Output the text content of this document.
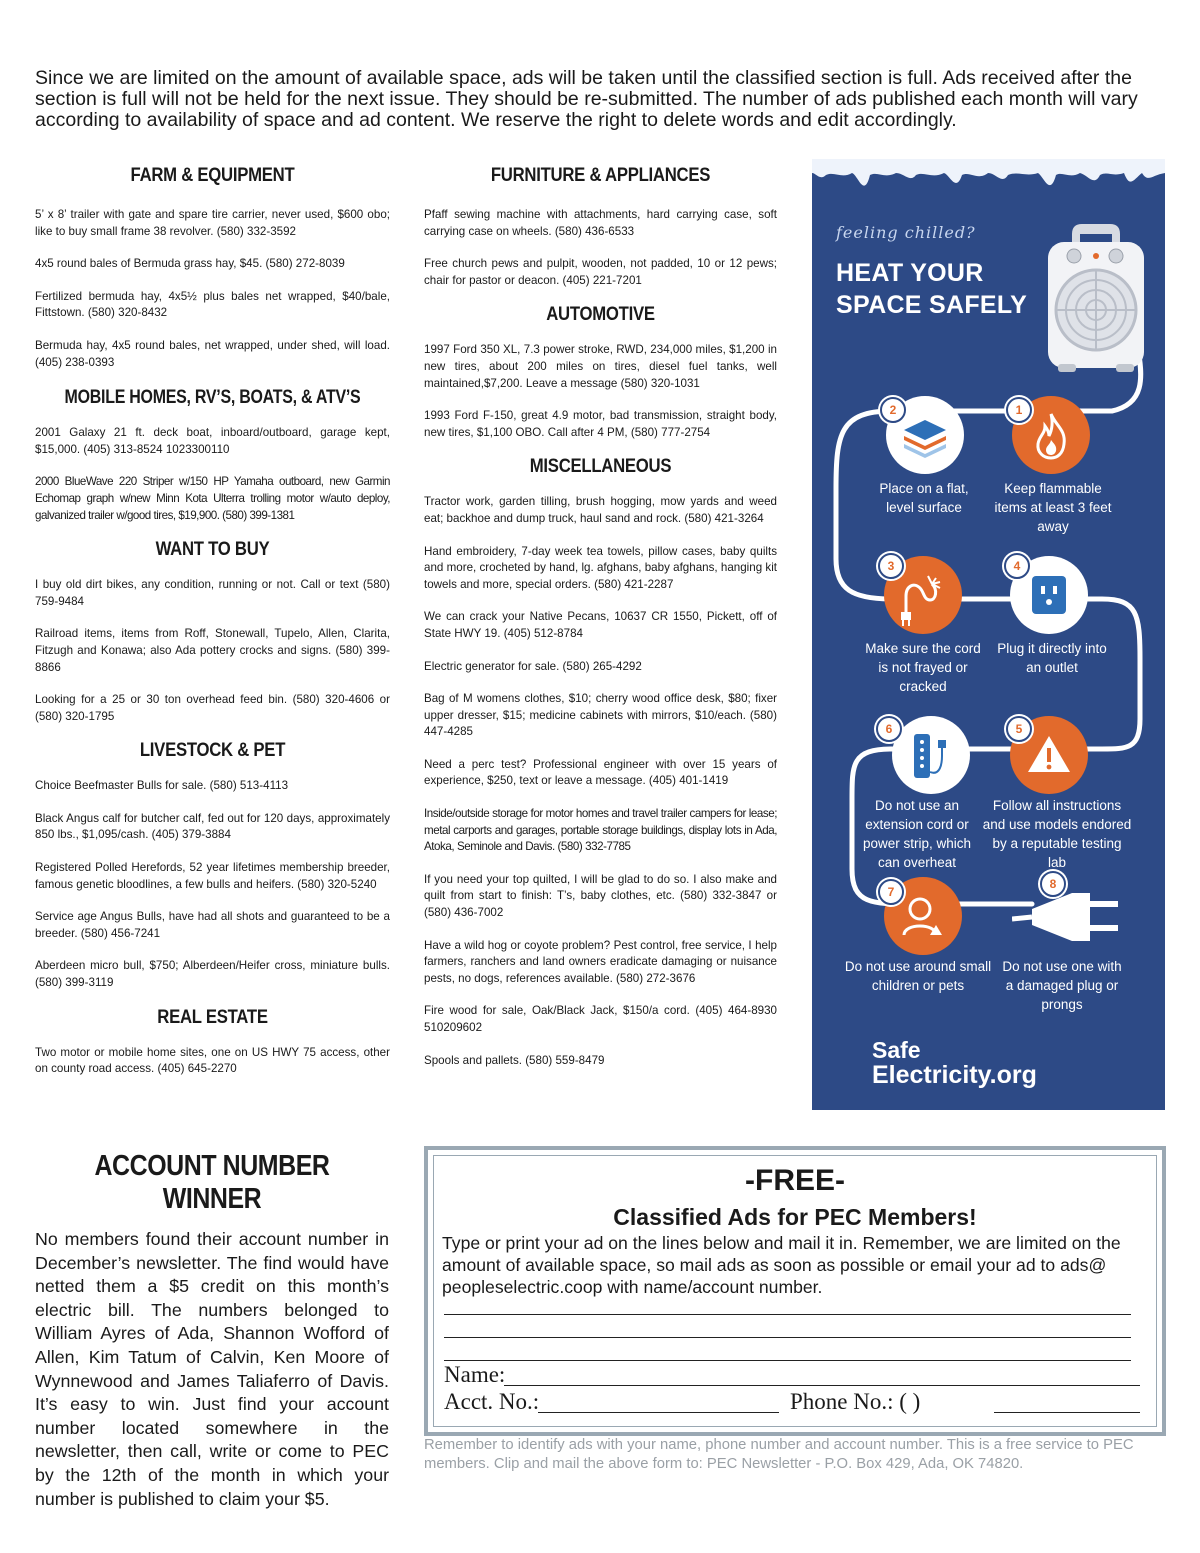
Since we are limited on the amount of available space, ads will be taken until the classified section is full. Ads received after the section is full will not be held for the next issue. They should be re-submitted. The number of ads published each month will vary according to availability of space and ad content. We reserve the right to delete words and edit accordingly.
FARM & EQUIPMENT

5’ x 8’ trailer with gate and spare tire carrier, never used, $600 obo; like to buy small frame 38 revolver. (580) 332-3592

4x5 round bales of Bermuda grass hay, $45. (580) 272-8039

Fertilized bermuda hay, 4x5½ plus bales net wrapped, $40/bale, Fittstown. (580) 320-8432

Bermuda hay, 4x5 round bales, net wrapped, under shed, will load. (405) 238-0393

MOBILE HOMES, RV’S, BOATS, & ATV’S

2001 Galaxy 21 ft. deck boat, inboard/outboard, garage kept, $15,000. (405) 313-8524 1023300110

2000 BlueWave 220 Striper w/150 HP Yamaha outboard, new Garmin Echomap graph w/new Minn Kota Ulterra trolling motor w/auto deploy, galvanized trailer w/good tires, $19,900. (580) 399-1381

WANT TO BUY

I buy old dirt bikes, any condition, running or not. Call or text (580) 759-9484

Railroad items, items from Roff, Stonewall, Tupelo, Allen, Clarita, Fitzugh and Konawa; also Ada pottery crocks and signs. (580) 399-8866

Looking for a 25 or 30 ton overhead feed bin. (580) 320-4606 or (580) 320-1795

LIVESTOCK & PET

Choice Beefmaster Bulls for sale. (580) 513-4113

Black Angus calf for butcher calf, fed out for 120 days, approximately 850 lbs., $1,095/cash. (405) 379-3884

Registered Polled Herefords, 52 year lifetimes membership breeder, famous genetic bloodlines, a few bulls and heifers. (580) 320-5240

Service age Angus Bulls, have had all shots and guaranteed to be a breeder. (580) 456-7241

Aberdeen micro bull, $750; Alberdeen/Heifer cross, miniature bulls. (580) 399-3119

REAL ESTATE

Two motor or mobile home sites, one on US HWY 75 access, other on county road access. (405) 645-2270

FURNITURE & APPLIANCES

Pfaff sewing machine with attachments, hard carrying case, soft carrying case on wheels. (580) 436-6533

Free church pews and pulpit, wooden, not padded, 10 or 12 pews; chair for pastor or deacon. (405) 221-7201

AUTOMOTIVE

1997 Ford 350 XL, 7.3 power stroke, RWD, 234,000 miles, $1,200 in new tires, about 200 miles on tires, diesel fuel tanks, well maintained,$7,200. Leave a message (580) 320-1031

1993 Ford F-150, great 4.9 motor, bad transmission, straight body, new tires, $1,100 OBO. Call after 4 PM, (580) 777-2754

MISCELLANEOUS

Tractor work, garden tilling, brush hogging, mow yards and weed eat; backhoe and dump truck, haul sand and rock. (580) 421-3264

Hand embroidery, 7-day week tea towels, pillow cases, baby quilts and more, crocheted by hand, lg. afghans, baby afghans, hanging kit towels and more, special orders. (580) 421-2287

We can crack your Native Pecans, 10637 CR 1550, Pickett, off of State HWY 19. (405) 512-8784

Electric generator for sale. (580) 265-4292

Bag of M womens clothes, $10; cherry wood office desk, $80; fixer upper dresser, $15; medicine cabinets with mirrors, $10/each. (580) 447-4285

Need a perc test? Professional engineer with over 15 years of experience, $250, text or leave a message. (405) 401-1419

Inside/outside storage for motor homes and travel trailer campers for lease; metal carports and garages, portable storage buildings, display lots in Ada, Atoka, Seminole and Davis. (580) 332-7785

If you need your top quilted, I will be glad to do so. I also make and quilt from start to finish: T’s, baby clothes, etc. (580) 332-3847 or (580) 436-7002

Have a wild hog or coyote problem? Pest control, free service, I help farmers, ranchers and land owners eradicate damaging or nuisance pests, no dogs, references available. (580) 272-3676

Fire wood for sale, Oak/Black Jack, $150/a cord. (405) 464-8930 510209602

Spools and pallets. (580) 559-8479

feeling chilled?
HEAT YOUR
SPACE SAFELY
2	1
Place on a flat, level surface
Keep flammable items at least 3 feet away
3	4
Make sure the cord is not frayed or cracked
Plug it directly into an outlet
6	5
Do not use an extension cord or power strip, which can overheat
Follow all instructions and use models endored by a reputable testing lab
7
8
Do not use around small children or pets
Do not use one with a damaged plug or prongs
Safe
Electricity.org
ACCOUNT NUMBER WINNER

No members found their account number in December’s newsletter. The find would have netted them a $5 credit on this month’s electric bill. The numbers belonged to William Ayres of Ada, Shannon Wofford of Allen, Kim Tatum of Calvin, Ken Moore of Wynnewood and James Taliaferro of Davis. It’s easy to win. Just find your account number located somewhere in the newsletter, then call, write or come to PEC by the 12th of the month in which your number is published to claim your $5.

-FREE-
Classified Ads for PEC Members!
Type or print your ad on the lines below and mail it in. Remember, we are limited on the amount of available space, so mail ads as soon as possible or email your ad to ads@ peopleselectric.coop with name/account number.
Name:
Acct. No.:	Phone No.: ( )
Remember to identify ads with your name, phone number and account number. This is a free service to PEC members. Clip and mail the above form to: PEC Newsletter - P.O. Box 429, Ada, OK 74820.
